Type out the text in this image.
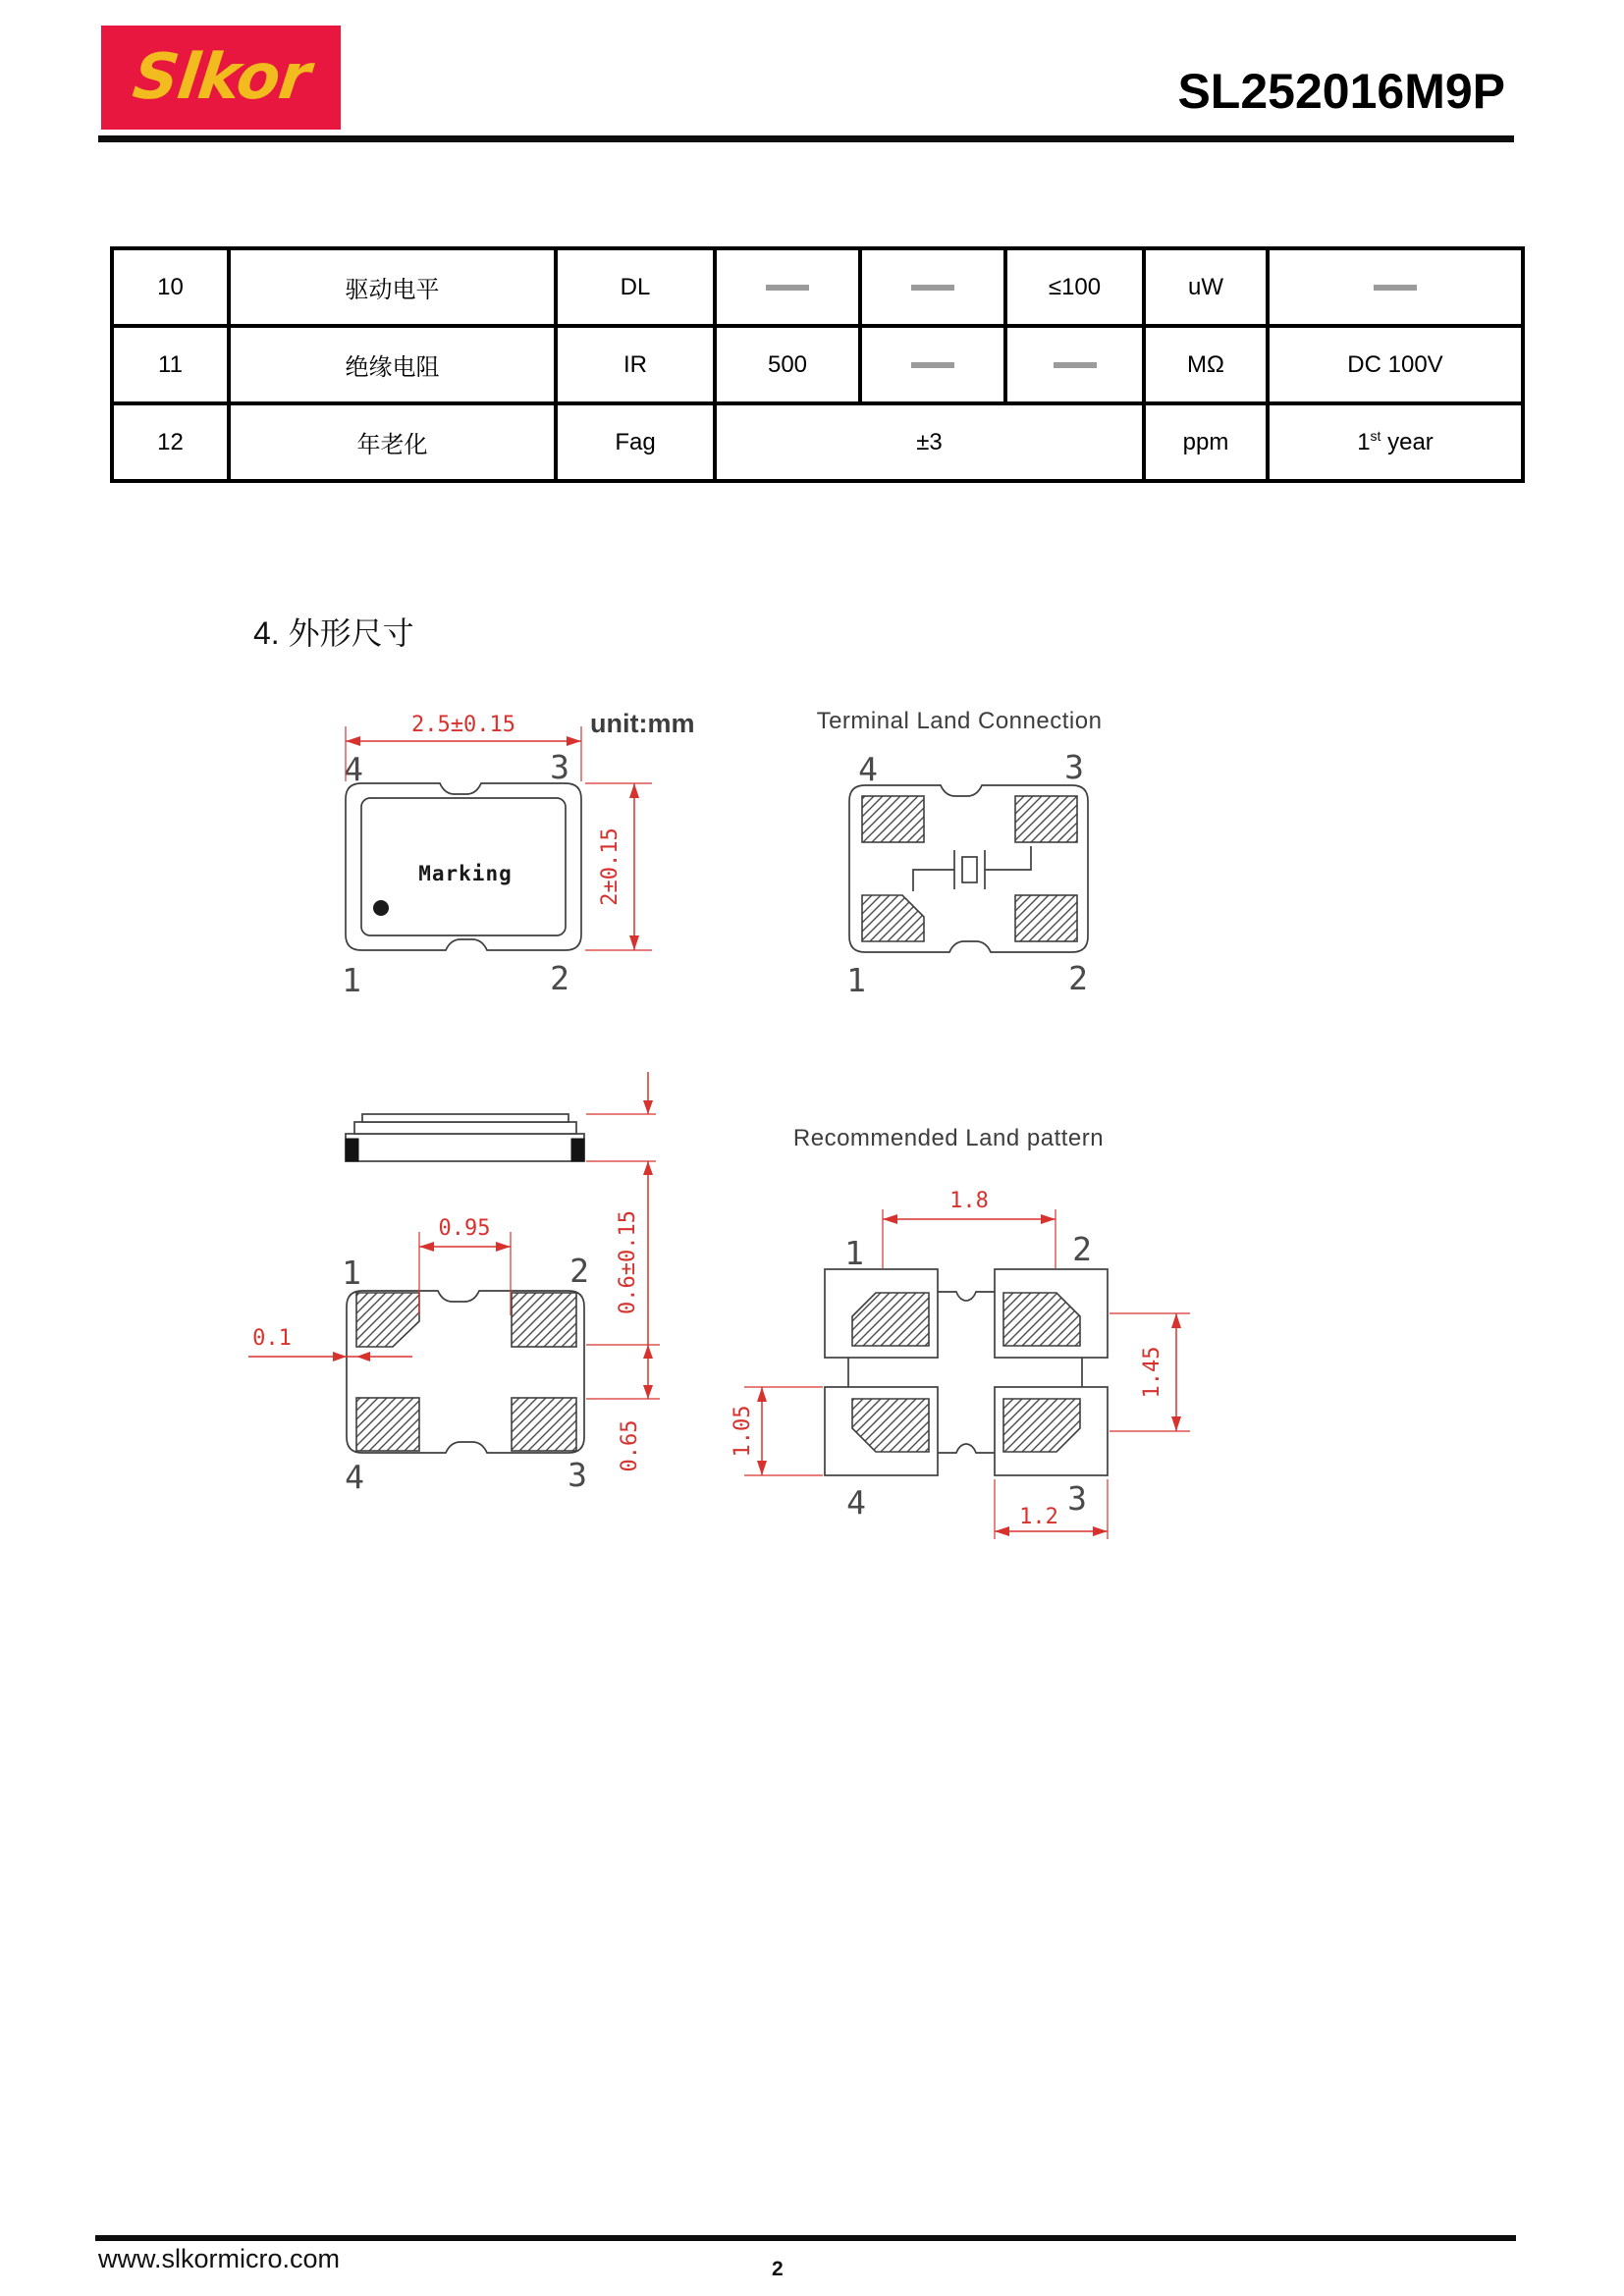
Slkor	SL252016M9P
10	驱动电平	DL			≤100	uW	
11	绝缘电阻	IR	500			MΩ	DC 100V
12	年老化	Fag	±3			ppm	1st year
4. 外形尺寸
Marking
4	3
1	2
2.5±0.15
2±0.15
unit:mm	Terminal Land Connection
4	3
1	2
0.6±0.15
1	2
4	3
0.95
0.1
0.65
Recommended Land pattern
1	2
4	3
1.8
1.05
1.45
1.2
www.slkormicro.com	2
